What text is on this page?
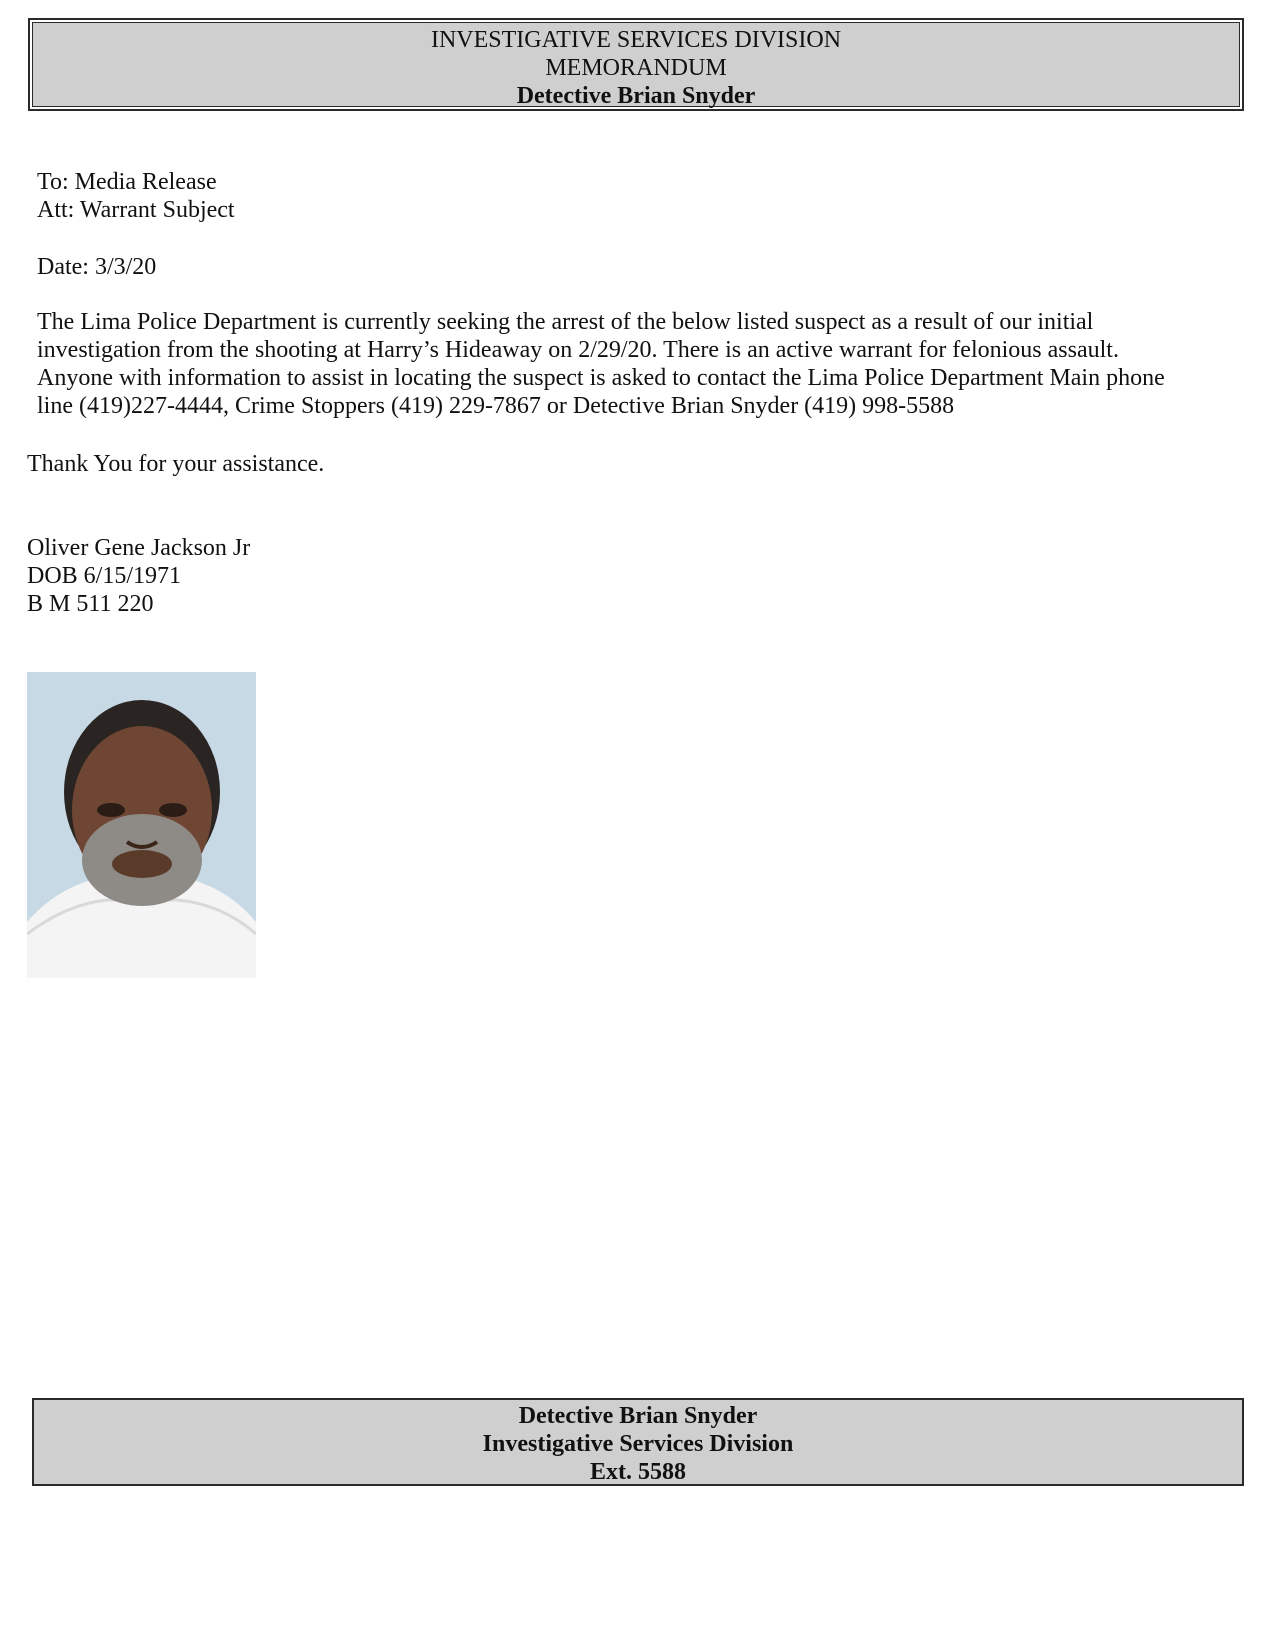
INVESTIGATIVE SERVICES DIVISION
MEMORANDUM
Detective Brian Snyder
To: Media Release
Att: Warrant Subject
Date: 3/3/20
The Lima Police Department is currently seeking the arrest of the below listed suspect as a result of our initial
investigation from the shooting at Harry’s Hideaway on 2/29/20. There is an active warrant for felonious assault.
Anyone with information to assist in locating the suspect is asked to contact the Lima Police Department Main phone
line (419)227-4444, Crime Stoppers (419) 229-7867 or Detective Brian Snyder (419) 998-5588
Thank You for your assistance.
Oliver Gene Jackson Jr
DOB 6/15/1971
B M 511 220
Detective Brian Snyder
Investigative Services Division
Ext. 5588
